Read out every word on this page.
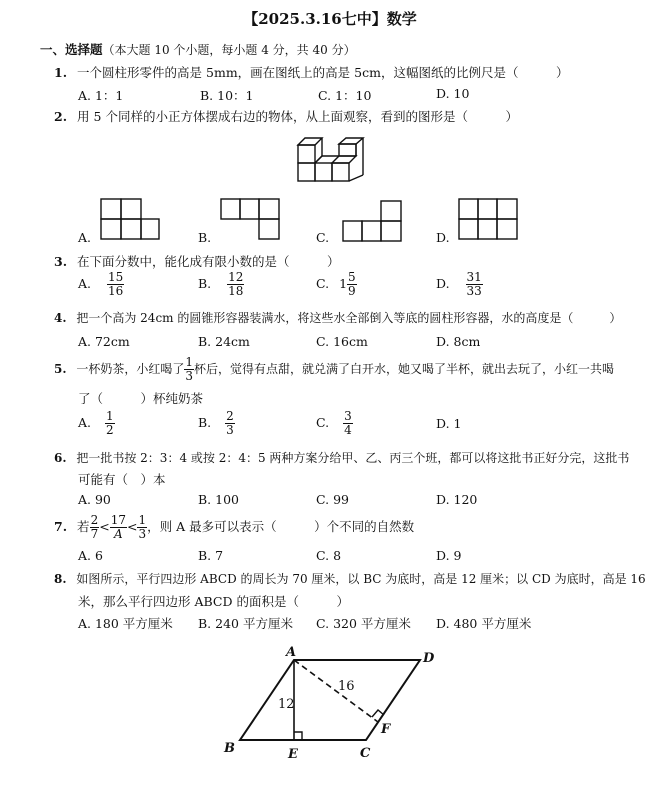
【2025.3.16七中】数学
一、选择题（本大题 10 个小题，每小题 4 分，共 40 分）
1. 一个圆柱形零件的高是 5mm，画在图纸上的高是 5cm，这幅图纸的比例尺是（　　　）
A. 1：1	B. 10：1	C. 1：10	D. 10
2. 用 5 个同样的小正方体摆成右边的物体，从上面观察，看到的图形是（　　　）
A.	B.	C.	D.
3. 在下面分数中，能化成有限小数的是（　　　）
A. $\frac{15}{16}$	B. $\frac{12}{18}$	C. $1 \frac{5}{9}$	D. $\frac{31}{33}$
4. 把一个高为 24cm 的圆锥形容器装满水，将这些水全部倒入等底的圆柱形容器，水的高度是（　　　）
A. 72cm	B. 24cm	C. 16cm	D. 8cm
5. 一杯奶茶，小红喝了 $\frac{1}{3}$ 杯后，觉得有点甜，就兑满了白开水，她又喝了半杯，就出去玩了，小红一共喝
了（　　　）杯纯奶茶
A. $\frac{1}{2}$	B. $\frac{2}{3}$	C. $\frac{3}{4}$	D. 1
6. 把一批书按 2：3：4 或按 2：4：5 两种方案分给甲、乙、丙三个班，都可以将这批书正好分完，这批书
可能有（　）本
A. 90	B. 100	C. 99	D. 120
7. 若 $\frac{2}{7} < \frac{17}{A} < \frac{1}{3}$ ，则 A 最多可以表示（　　　）个不同的自然数
A. 6	B. 7	C. 8	D. 9
8. 如图所示，平行四边形 ABCD 的周长为 70 厘米，以 BC 为底时，高是 12 厘米；以 CD 为底时，高是 16
米，那么平行四边形 ABCD 的面积是（　　　）
A. 180 平方厘米 B. 240 平方厘米 C. 320 平方厘米 D. 480 平方厘米
A	D
B	C
E
F
12
16
